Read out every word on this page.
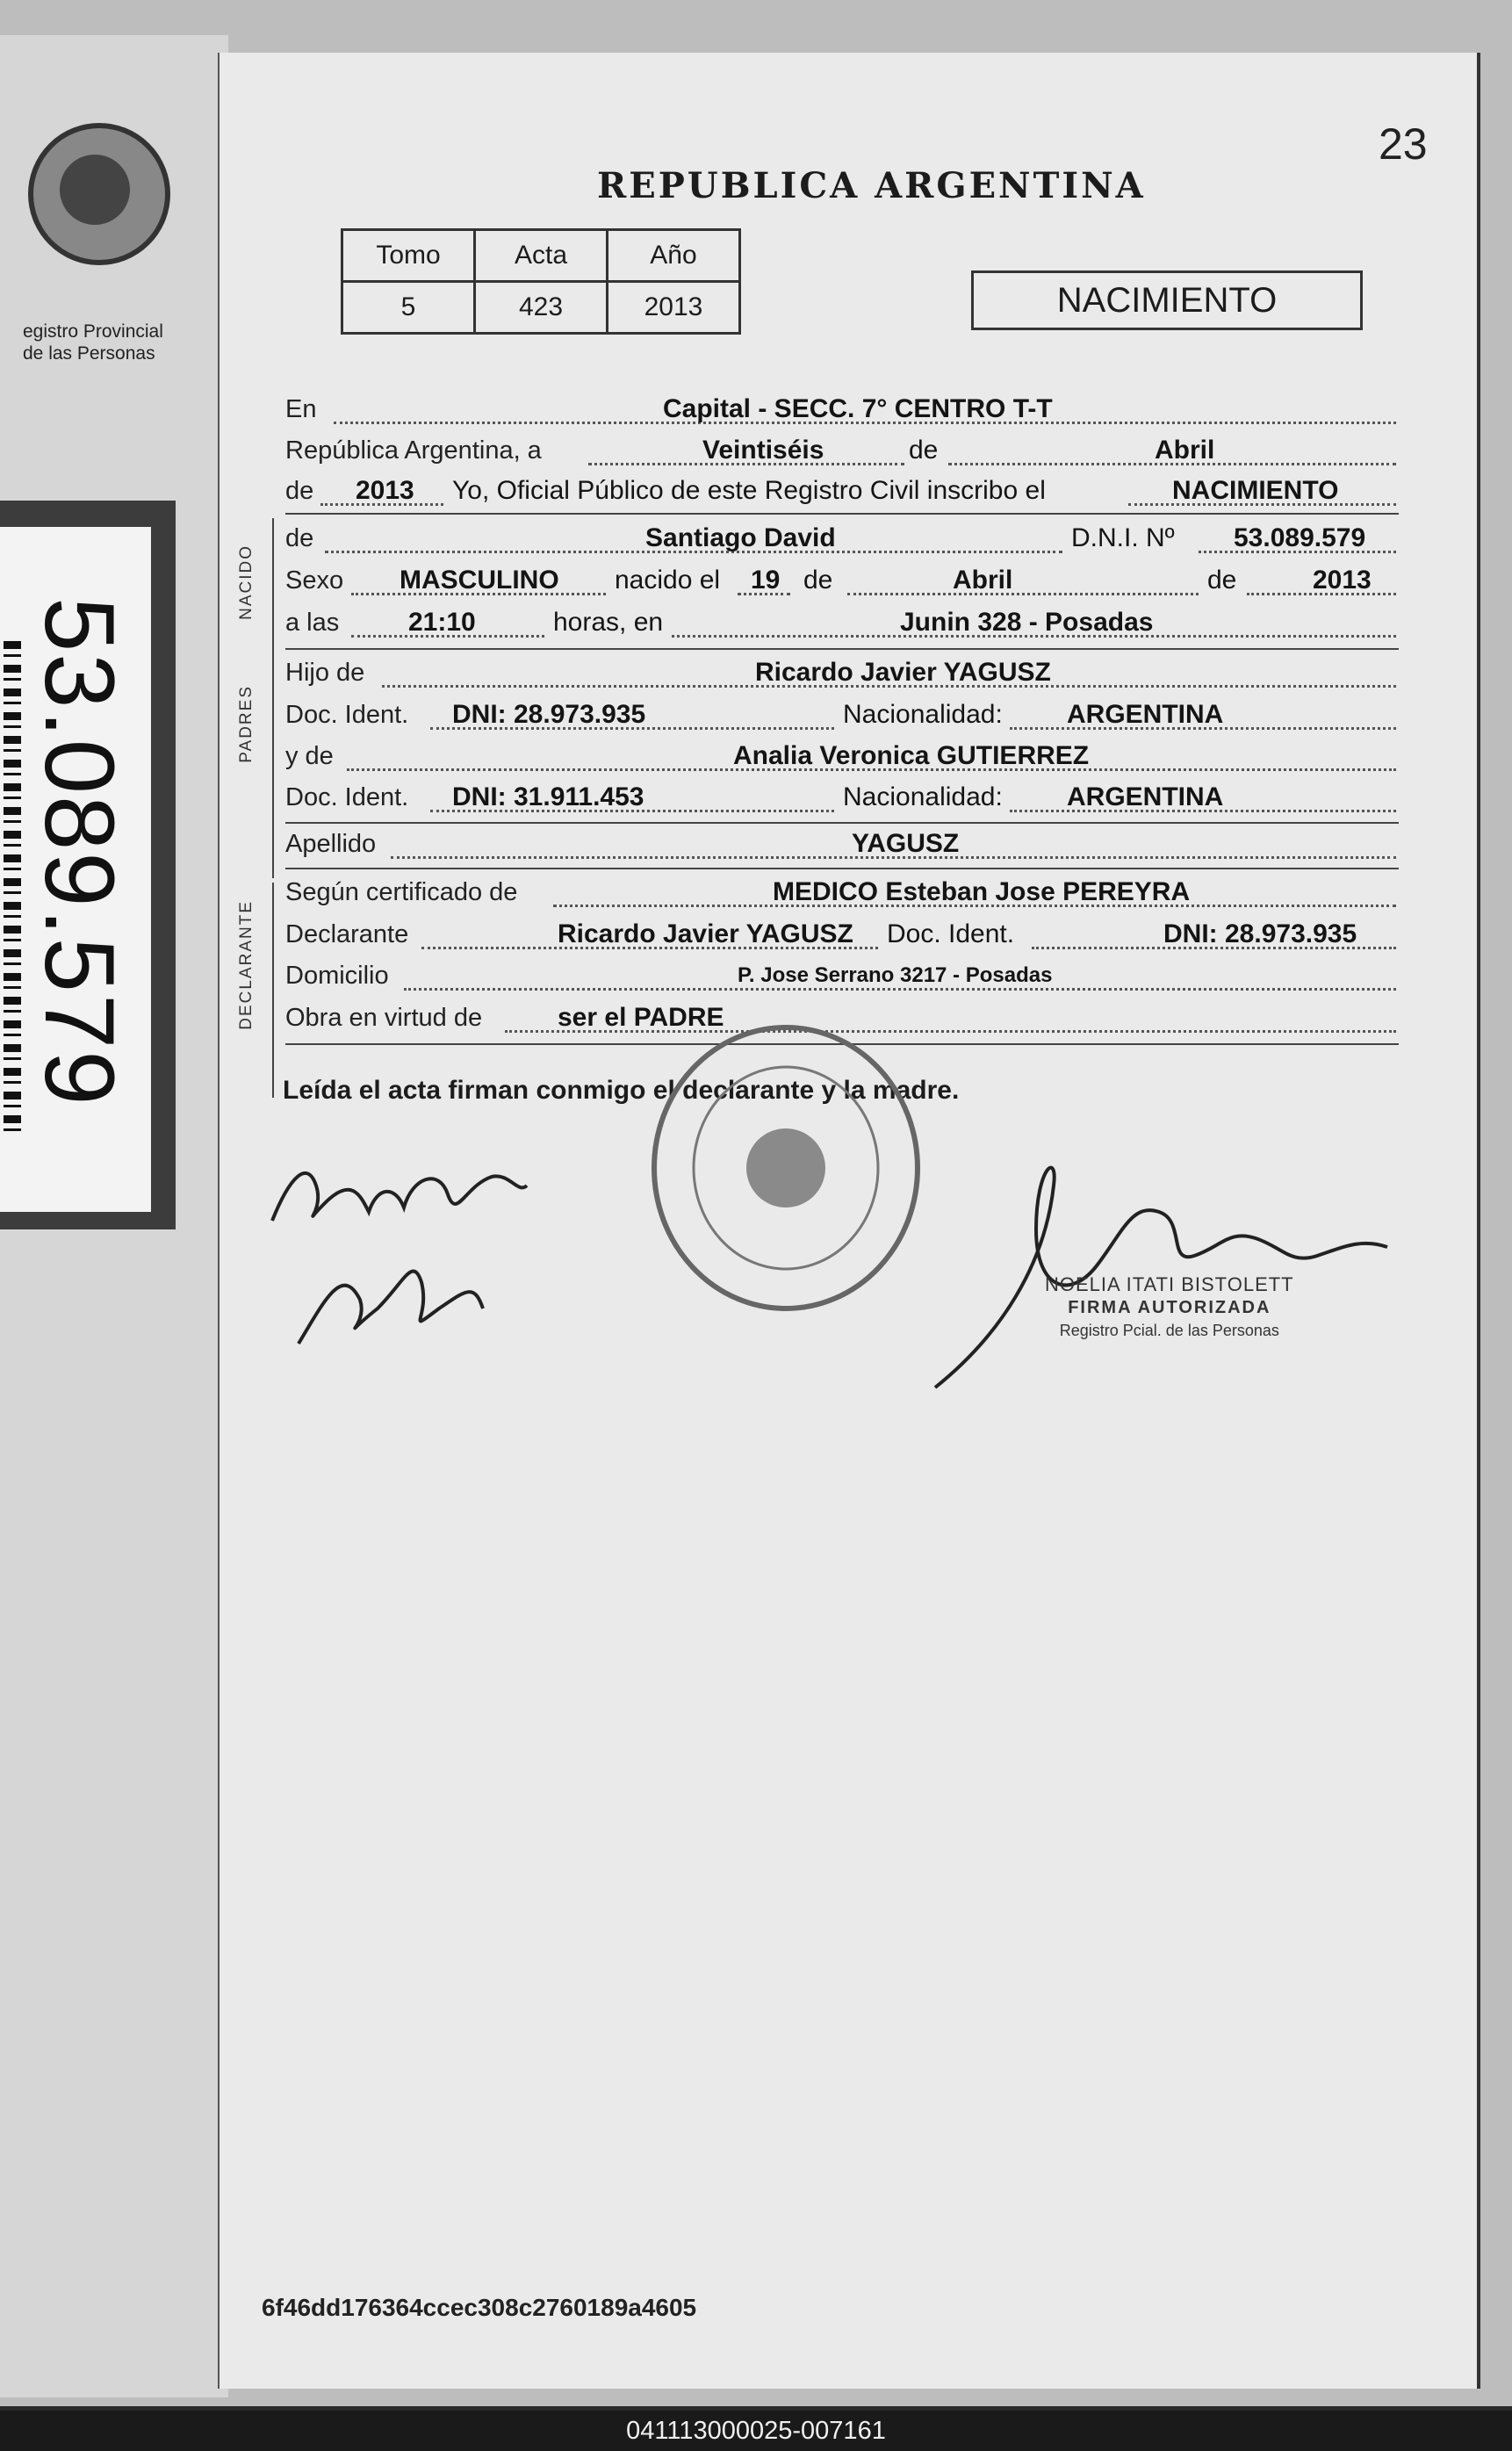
egistro Provincial
de las Personas
53.089.579
23
REPUBLICA ARGENTINA
Tomo	Acta	Año
5	423	2013	NACIMIENTO
En	Capital - SECC. 7° CENTRO T-T
República Argentina, a	Veintiséis	de	Abril
de 2013 Yo, Oficial Público de este Registro Civil inscribo el	NACIMIENTO
NACIDO
de	Santiago David	D.N.I. Nº 53.089.579
Sexo MASCULINO nacido el 19 de	Abril	de	2013
a las	21:10	horas, en	Junin 328 - Posadas
PADRES
Hijo de	Ricardo Javier YAGUSZ
Doc. Ident. DNI: 28.973.935	Nacionalidad: ARGENTINA
y de	Analia Veronica GUTIERREZ
Doc. Ident. DNI: 31.911.453	Nacionalidad: ARGENTINA
Apellido	YAGUSZ
DECLARANTE
Según certificado de	MEDICO Esteban Jose PEREYRA
Declarante	Ricardo Javier YAGUSZ Doc. Ident.	DNI: 28.973.935
Domicilio	P. Jose Serrano 3217 - Posadas
Obra en virtud de	ser el PADRE
Leída el acta firman conmigo el declarante y la madre.
NOELIA ITATI BISTOLETT
FIRMA AUTORIZADA
Registro Pcial. de las Personas
6f46dd176364ccec308c2760189a4605
041113000025-007161
